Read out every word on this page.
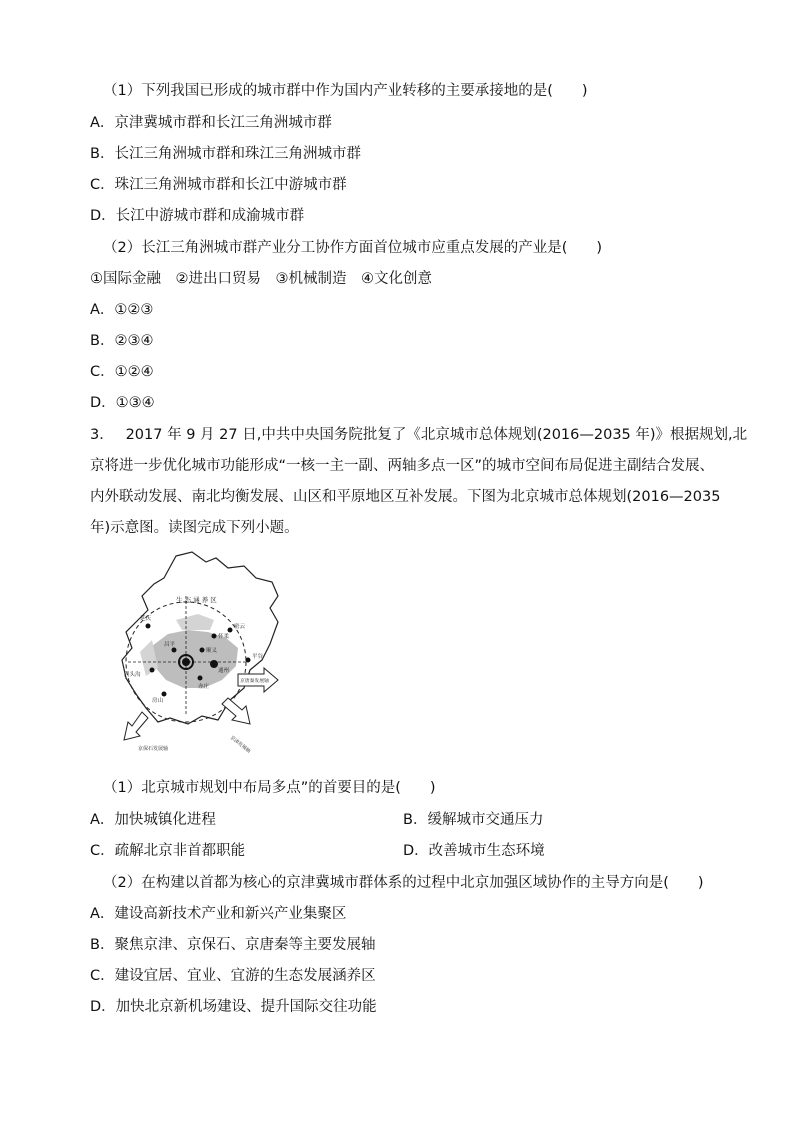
（1）下列我国已形成的城市群中作为国内产业转移的主要承接地的是(　　)
A．京津冀城市群和长江三角洲城市群
B．长江三角洲城市群和珠江三角洲城市群
C．珠江三角洲城市群和长江中游城市群
D．长江中游城市群和成渝城市群
（2）长江三角洲城市群产业分工协作方面首位城市应重点发展的产业是(　　)
①国际金融　②进出口贸易　③机械制造　④文化创意
A．①②③
B．②③④
C．①②④
D．①③④
3．　 2017 年 9 月 27 日,中共中央国务院批复了《北京城市总体规划(2016—2035 年)》根据规划,北
京将进一步优化城市功能形成“一核一主一副、两轴多点一区”的城市空间布局促进主副结合发展、
内外联动发展、南北均衡发展、山区和平原地区互补发展。下图为北京城市总体规划(2016—2035
年)示意图。读图完成下列小题。
生 态 涵 养 区
延庆
密云
怀柔
平谷
顺义
昌平
门头沟
房山
亦庄
通州
京唐秦发展轴
京保石发展轴	京津发展轴
（1）北京城市规划中布局多点”的首要目的是(　　)
A．加快城镇化进程	B．缓解城市交通压力
C．疏解北京非首都职能	D．改善城市生态环境
（2）在构建以首都为核心的京津冀城市群体系的过程中北京加强区域协作的主导方向是(　　)
A．建设高新技术产业和新兴产业集聚区
B．聚焦京津、京保石、京唐秦等主要发展轴
C．建设宜居、宜业、宜游的生态发展涵养区
D．加快北京新机场建设、提升国际交往功能
